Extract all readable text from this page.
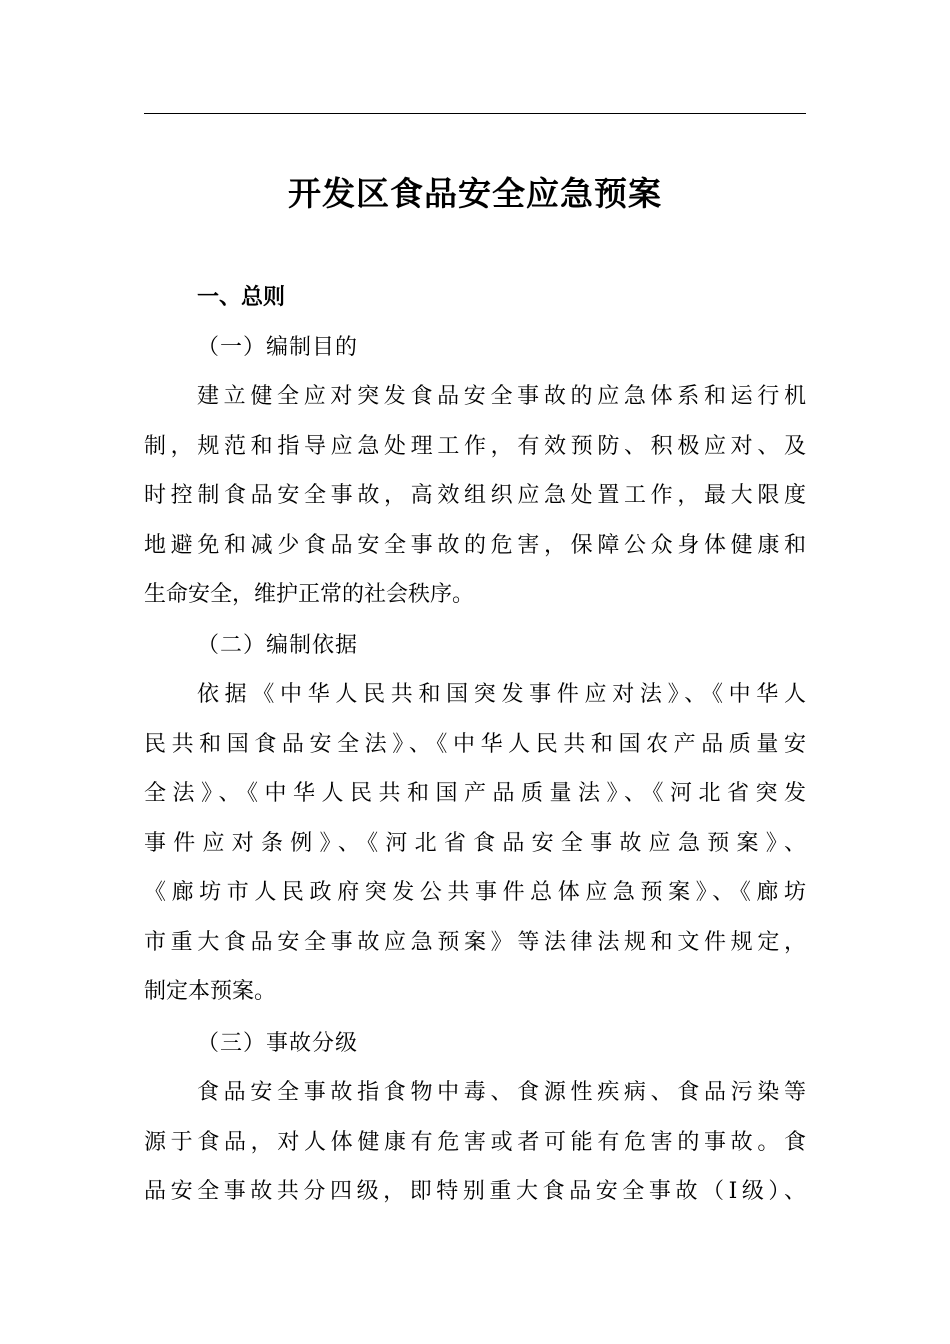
开发区食品安全应急预案
一、总则
（一）编制目的
建立健全应对突发食品安全事故的应急体系和运行机
制，规范和指导应急处理工作，有效预防、积极应对、及
时控制食品安全事故，高效组织应急处置工作，最大限度
地避免和减少食品安全事故的危害，保障公众身体健康和
生命安全，维护正常的社会秩序。
（二）编制依据
依据《中华人民共和国突发事件应对法》、《中华人
民共和国食品安全法》、《中华人民共和国农产品质量安
全法》、《中华人民共和国产品质量法》、《河北省突发
事件应对条例》、《河北省食品安全事故应急预案》、
《廊坊市人民政府突发公共事件总体应急预案》、《廊坊
市重大食品安全事故应急预案》等法律法规和文件规定，
制定本预案。
（三）事故分级
食品安全事故指食物中毒、食源性疾病、食品污染等
源于食品，对人体健康有危害或者可能有危害的事故。食
品安全事故共分四级，即特别重大食品安全事故（Ⅰ级）、
